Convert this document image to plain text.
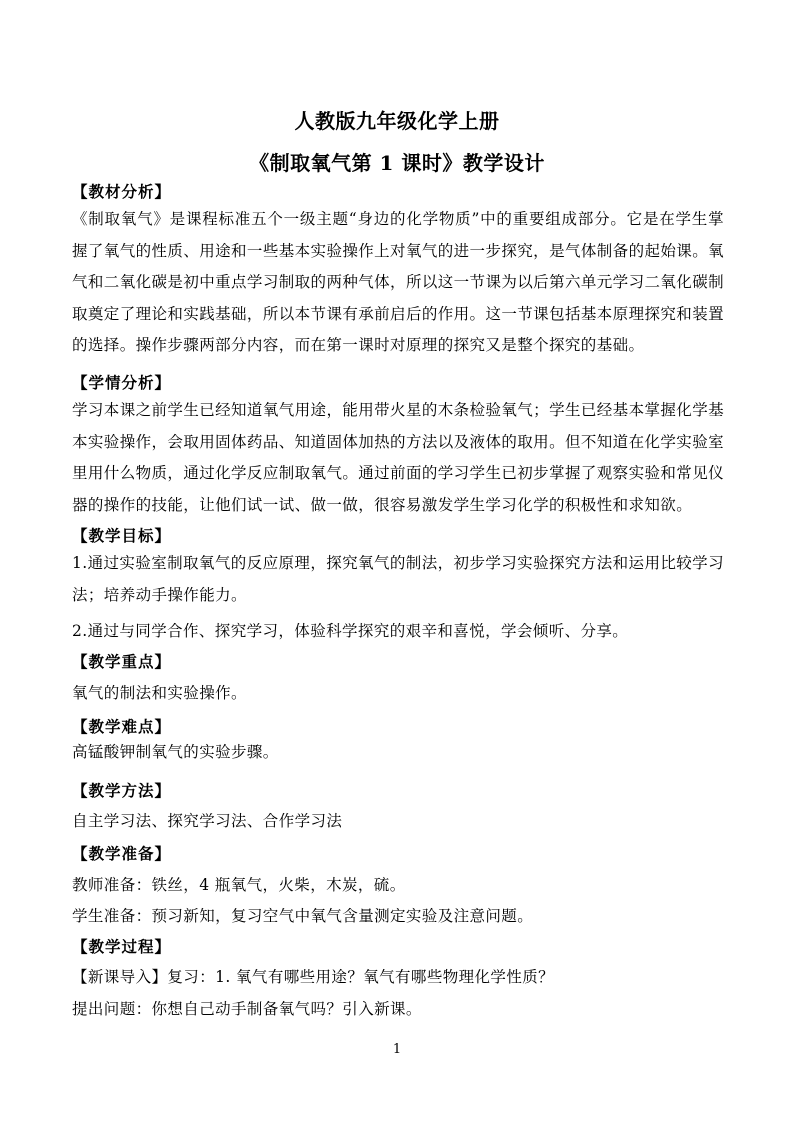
人教版九年级化学上册
《制取氧气第 1 课时》教学设计
【教材分析】
《制取氧气》是课程标准五个一级主题“身边的化学物质”中的重要组成部分。它是在学生掌握了氧气的性质、用途和一些基本实验操作上对氧气的进一步探究，是气体制备的起始课。氧气和二氧化碳是初中重点学习制取的两种气体，所以这一节课为以后第六单元学习二氧化碳制取奠定了理论和实践基础，所以本节课有承前启后的作用。这一节课包括基本原理探究和装置的选择。操作步骤两部分内容，而在第一课时对原理的探究又是整个探究的基础。
【学情分析】
学习本课之前学生已经知道氧气用途，能用带火星的木条检验氧气；学生已经基本掌握化学基本实验操作，会取用固体药品、知道固体加热的方法以及液体的取用。但不知道在化学实验室里用什么物质，通过化学反应制取氧气。通过前面的学习学生已初步掌握了观察实验和常见仪器的操作的技能，让他们试一试、做一做，很容易激发学生学习化学的积极性和求知欲。
【教学目标】
1.通过实验室制取氧气的反应原理，探究氧气的制法，初步学习实验探究方法和运用比较学习法；培养动手操作能力。
2.通过与同学合作、探究学习，体验科学探究的艰辛和喜悦，学会倾听、分享。
【教学重点】
氧气的制法和实验操作。
【教学难点】
高锰酸钾制氧气的实验步骤。
【教学方法】
自主学习法、探究学习法、合作学习法
【教学准备】
教师准备：铁丝，4 瓶氧气，火柴，木炭，硫。
学生准备：预习新知，复习空气中氧气含量测定实验及注意问题。
【教学过程】
【新课导入】复习：1. 氧气有哪些用途？氧气有哪些物理化学性质？
提出问题：你想自己动手制备氧气吗？引入新课。
1
